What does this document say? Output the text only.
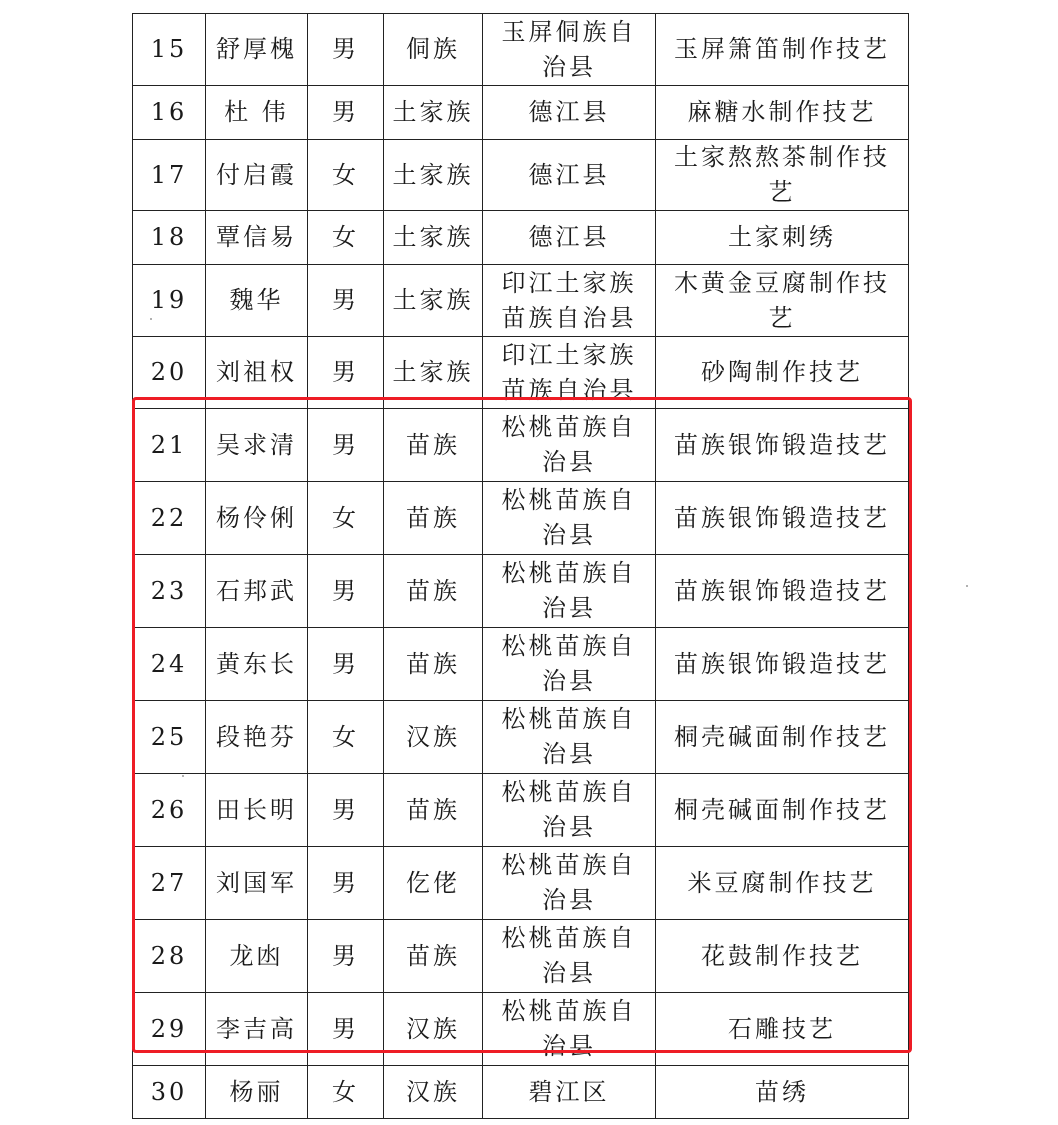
15	舒厚槐	男	侗族	玉屏侗族自治县	玉屏箫笛制作技艺
16	杜 伟	男	土家族	德江县	麻糖水制作技艺
17	付启霞	女	土家族	德江县	土家熬熬茶制作技艺
18	覃信易	女	土家族	德江县	土家刺绣
19	魏华	男	土家族	印江土家族苗族自治县	木黄金豆腐制作技艺
20	刘祖权	男	土家族	印江土家族苗族自治县	砂陶制作技艺
21	吴求清	男	苗族	松桃苗族自治县	苗族银饰锻造技艺
22	杨伶俐	女	苗族	松桃苗族自治县	苗族银饰锻造技艺
23	石邦武	男	苗族	松桃苗族自治县	苗族银饰锻造技艺
24	黄东长	男	苗族	松桃苗族自治县	苗族银饰锻造技艺
25	段艳芬	女	汉族	松桃苗族自治县	桐壳碱面制作技艺
26	田长明	男	苗族	松桃苗族自治县	桐壳碱面制作技艺
27	刘国军	男	仡佬	松桃苗族自治县	米豆腐制作技艺
28	龙凼	男	苗族	松桃苗族自治县	花鼓制作技艺
29	李吉高	男	汉族	松桃苗族自治县	石雕技艺
30	杨丽	女	汉族	碧江区	苗绣
